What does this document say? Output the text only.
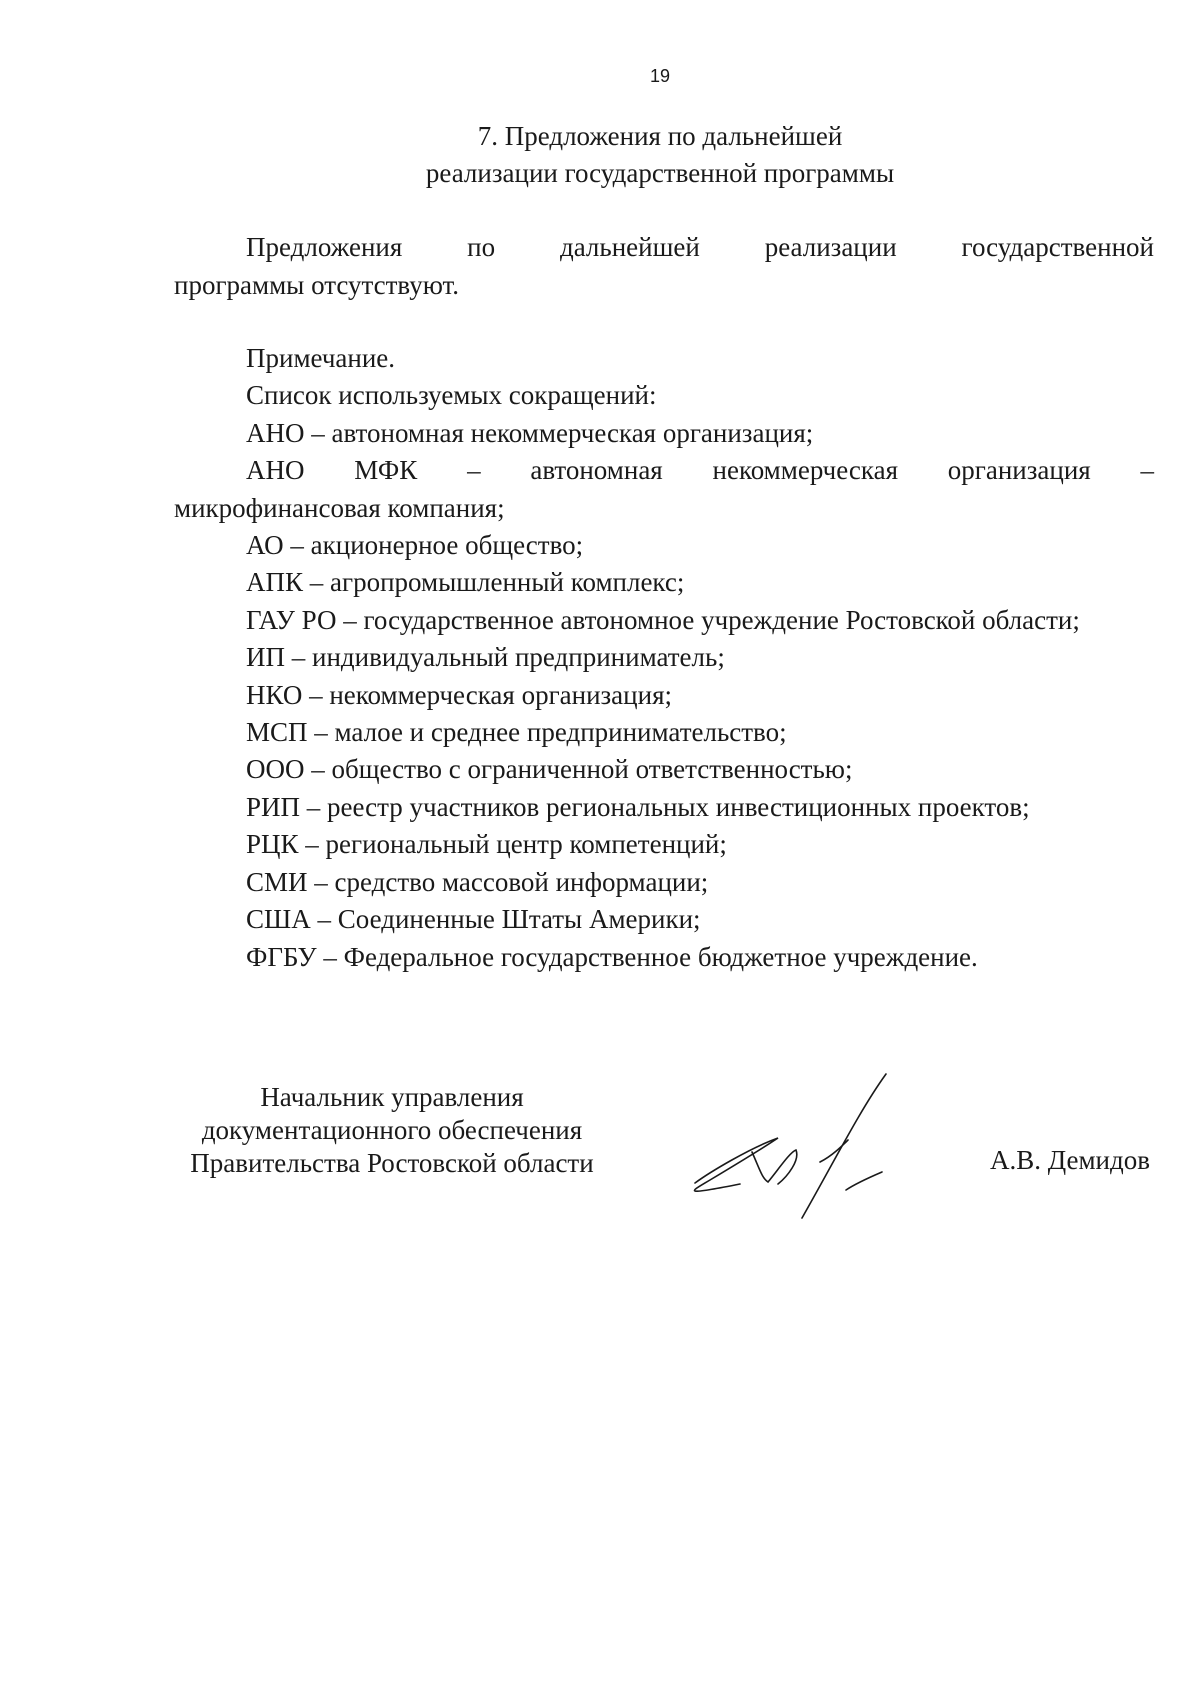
19
7. Предложения по дальнейшей
реализации государственной программы
Предложения по дальнейшей реализации государственной
программы отсутствуют.
Примечание.
Список используемых сокращений:
АНО – автономная некоммерческая организация;
АНО МФК – автономная некоммерческая организация –
микрофинансовая компания;
АО – акционерное общество;
АПК – агропромышленный комплекс;
ГАУ РО – государственное автономное учреждение Ростовской области;
ИП – индивидуальный предприниматель;
НКО – некоммерческая организация;
МСП – малое и среднее предпринимательство;
ООО – общество с ограниченной ответственностью;
РИП – реестр участников региональных инвестиционных проектов;
РЦК – региональный центр компетенций;
СМИ – средство массовой информации;
США – Соединенные Штаты Америки;
ФГБУ – Федеральное государственное бюджетное учреждение.
Начальник управления
документационного обеспечения
Правительства Ростовской области	А.В. Демидов
